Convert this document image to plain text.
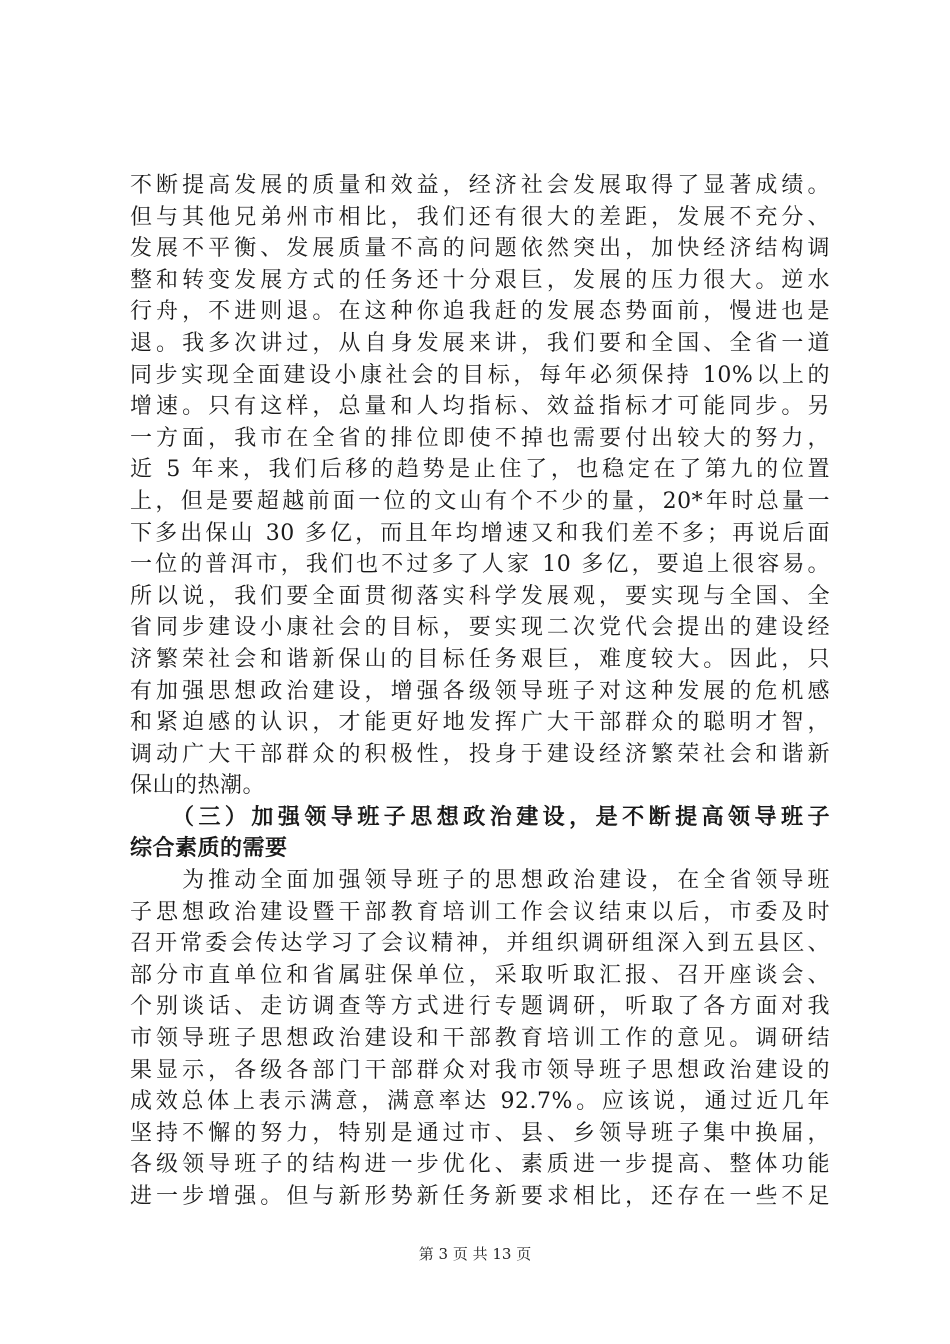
不断提高发展的质量和效益，经济社会发展取得了显著成绩。
但与其他兄弟州市相比，我们还有很大的差距，发展不充分、
发展不平衡、发展质量不高的问题依然突出，加快经济结构调
整和转变发展方式的任务还十分艰巨，发展的压力很大。逆水
行舟，不进则退。在这种你追我赶的发展态势面前，慢进也是
退。我多次讲过，从自身发展来讲，我们要和全国、全省一道
同步实现全面建设小康社会的目标，每年必须保持 10%以上的
增速。只有这样，总量和人均指标、效益指标才可能同步。另
一方面，我市在全省的排位即使不掉也需要付出较大的努力，
近 5 年来，我们后移的趋势是止住了，也稳定在了第九的位置
上，但是要超越前面一位的文山有个不少的量，20*年时总量一
下多出保山 30 多亿，而且年均增速又和我们差不多；再说后面
一位的普洱市，我们也不过多了人家 10 多亿，要追上很容易。
所以说，我们要全面贯彻落实科学发展观，要实现与全国、全
省同步建设小康社会的目标，要实现二次党代会提出的建设经
济繁荣社会和谐新保山的目标任务艰巨，难度较大。因此，只
有加强思想政治建设，增强各级领导班子对这种发展的危机感
和紧迫感的认识，才能更好地发挥广大干部群众的聪明才智，
调动广大干部群众的积极性，投身于建设经济繁荣社会和谐新
保山的热潮。
　　（三）加强领导班子思想政治建设，是不断提高领导班子
综合素质的需要
　　为推动全面加强领导班子的思想政治建设，在全省领导班
子思想政治建设暨干部教育培训工作会议结束以后，市委及时
召开常委会传达学习了会议精神，并组织调研组深入到五县区、
部分市直单位和省属驻保单位，采取听取汇报、召开座谈会、
个别谈话、走访调查等方式进行专题调研，听取了各方面对我
市领导班子思想政治建设和干部教育培训工作的意见。调研结
果显示，各级各部门干部群众对我市领导班子思想政治建设的
成效总体上表示满意，满意率达 92.7%。应该说，通过近几年
坚持不懈的努力，特别是通过市、县、乡领导班子集中换届，
各级领导班子的结构进一步优化、素质进一步提高、整体功能
进一步增强。但与新形势新任务新要求相比，还存在一些不足
第 3 页 共 13 页
